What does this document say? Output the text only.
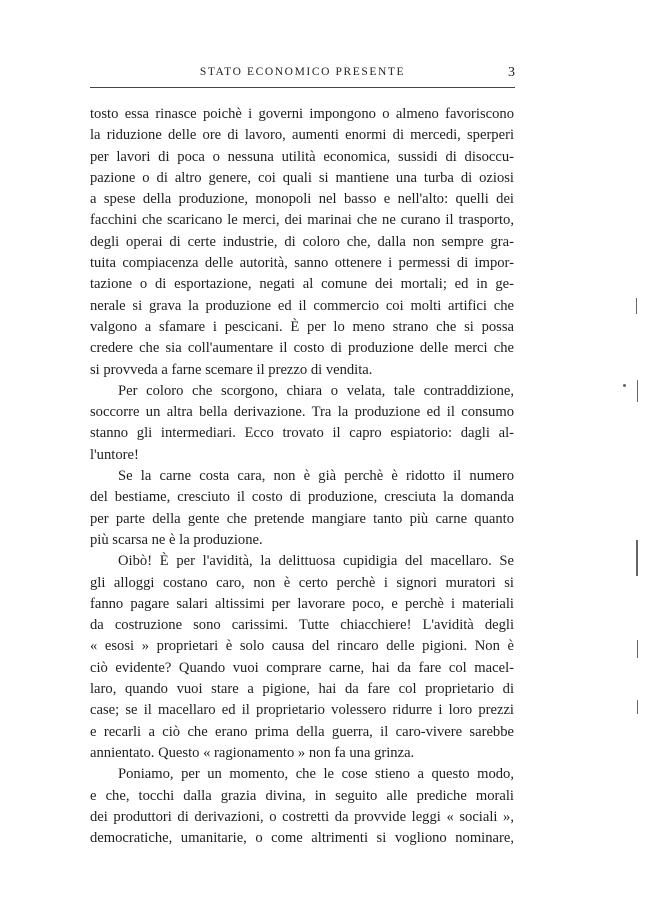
STATO ECONOMICO PRESENTE	3
tosto essa rinasce poichè i governi impongono o almeno favoriscono
la riduzione delle ore di lavoro, aumenti enormi di mercedi, sperperi
per lavori di poca o nessuna utilità economica, sussidi di disoccu-
pazione o di altro genere, coi quali si mantiene una turba di oziosi
a spese della produzione, monopoli nel basso e nell'alto: quelli dei
facchini che scaricano le merci, dei marinai che ne curano il trasporto,
degli operai di certe industrie, di coloro che, dalla non sempre gra-
tuita compiacenza delle autorità, sanno ottenere i permessi di impor-
tazione o di esportazione, negati al comune dei mortali; ed in ge-
nerale si grava la produzione ed il commercio coi molti artifici che
valgono a sfamare i pescicani. È per lo meno strano che si possa
credere che sia coll'aumentare il costo di produzione delle merci che
si provveda a farne scemare il prezzo di vendita.
Per coloro che scorgono, chiara o velata, tale contraddizione,
soccorre un altra bella derivazione. Tra la produzione ed il consumo
stanno gli intermediari. Ecco trovato il capro espiatorio: dagli al-
l'untore!
Se la carne costa cara, non è già perchè è ridotto il numero
del bestiame, cresciuto il costo di produzione, cresciuta la domanda
per parte della gente che pretende mangiare tanto più carne quanto
più scarsa ne è la produzione.
Oibò! È per l'avidità, la delittuosa cupidigia del macellaro. Se
gli alloggi costano caro, non è certo perchè i signori muratori si
fanno pagare salari altissimi per lavorare poco, e perchè i materiali
da costruzione sono carissimi. Tutte chiacchiere! L'avidità degli
« esosi » proprietari è solo causa del rincaro delle pigioni. Non è
ciò evidente? Quando vuoi comprare carne, hai da fare col macel-
laro, quando vuoi stare a pigione, hai da fare col proprietario di
case; se il macellaro ed il proprietario volessero ridurre i loro prezzi
e recarli a ciò che erano prima della guerra, il caro-vivere sarebbe
annientato. Questo « ragionamento » non fa una grinza.
Poniamo, per un momento, che le cose stieno a questo modo,
e che, tocchi dalla grazia divina, in seguito alle prediche morali
dei produttori di derivazioni, o costretti da provvide leggi « sociali »,
democratiche, umanitarie, o come altrimenti si vogliono nominare,
